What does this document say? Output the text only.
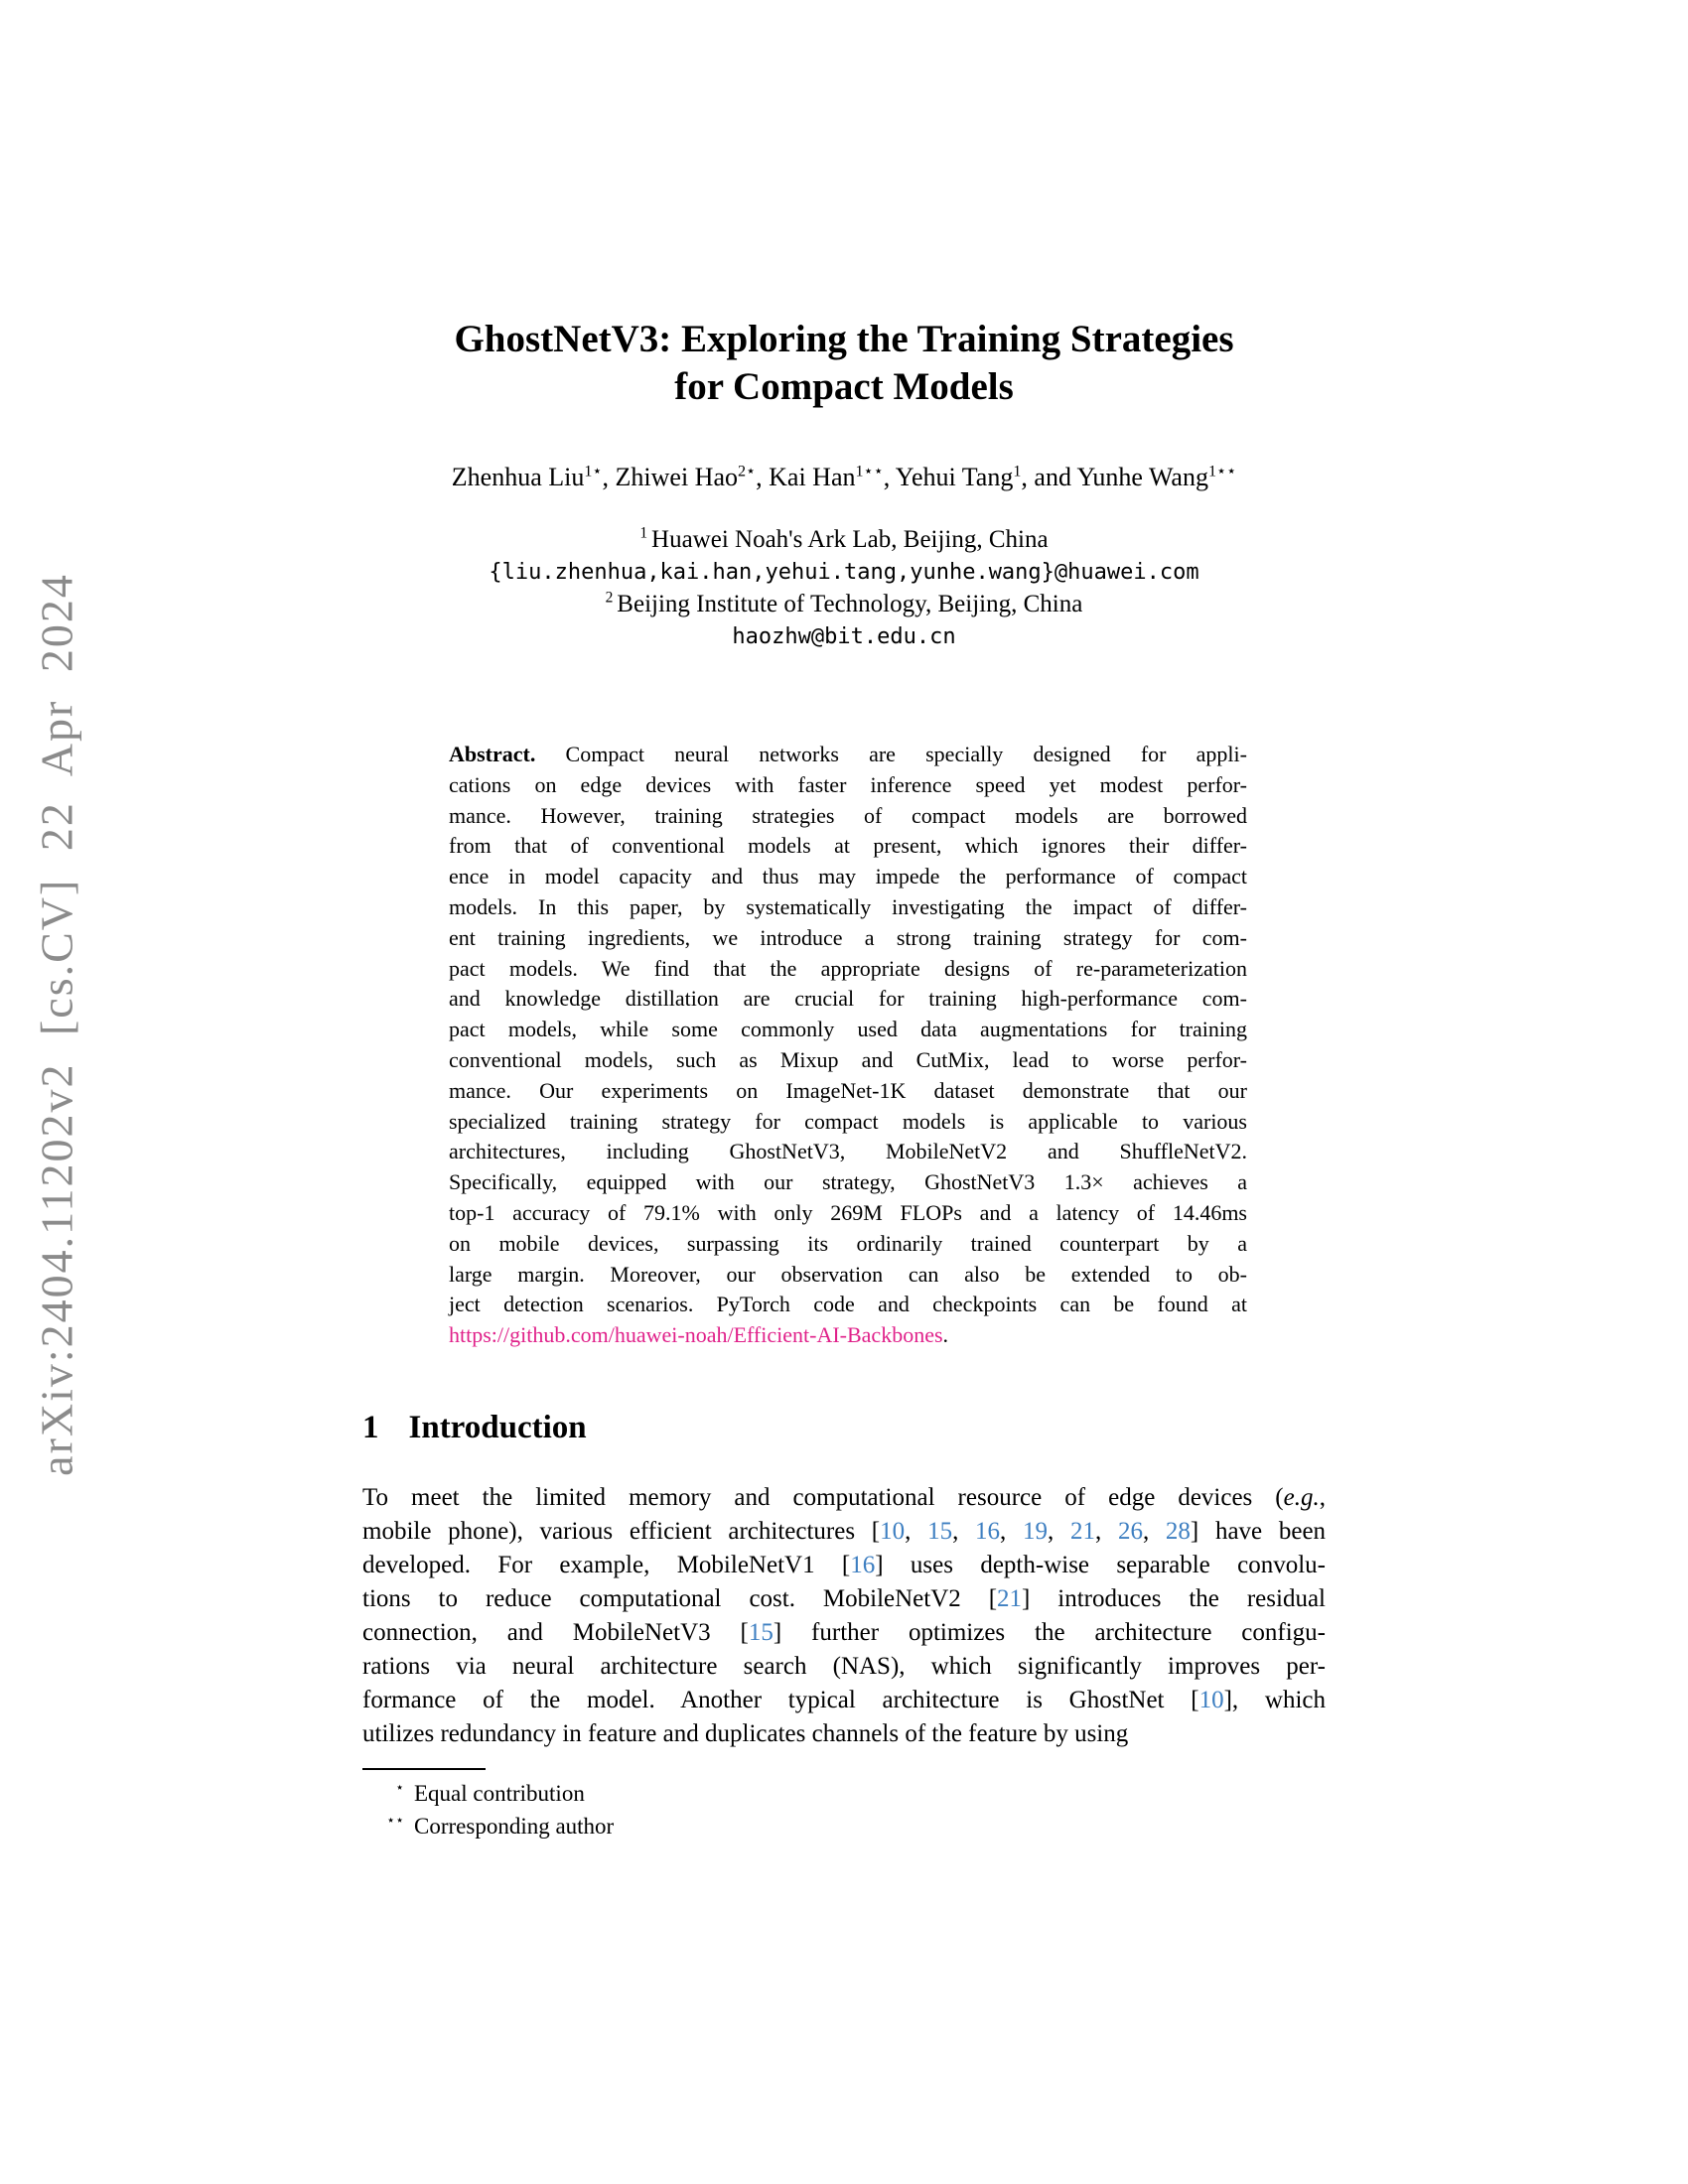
arXiv:2404.11202v2 [cs.CV] 22 Apr 2024
GhostNetV3: Exploring the Training Strategies
for Compact Models
Zhenhua Liu$^{1⋆}$, Zhiwei Hao$^{2⋆}$, Kai Han$^{1⋆⋆}$, Yehui Tang$^1$, and Yunhe Wang$^{1⋆⋆}$
$^1$ Huawei Noah's Ark Lab, Beijing, China
{liu.zhenhua,kai.han,yehui.tang,yunhe.wang}@huawei.com
$^2$ Beijing Institute of Technology, Beijing, China
haozhw@bit.edu.cn
Abstract. Compact neural networks are specially designed for appli-
cations on edge devices with faster inference speed yet modest perfor-
mance. However, training strategies of compact models are borrowed
from that of conventional models at present, which ignores their differ-
ence in model capacity and thus may impede the performance of compact
models. In this paper, by systematically investigating the impact of differ-
ent training ingredients, we introduce a strong training strategy for com-
pact models. We find that the appropriate designs of re-parameterization
and knowledge distillation are crucial for training high-performance com-
pact models, while some commonly used data augmentations for training
conventional models, such as Mixup and CutMix, lead to worse perfor-
mance. Our experiments on ImageNet-1K dataset demonstrate that our
specialized training strategy for compact models is applicable to various
architectures, including GhostNetV3, MobileNetV2 and ShuffleNetV2.
Specifically, equipped with our strategy, GhostNetV3 1.3× achieves a
top-1 accuracy of 79.1% with only 269M FLOPs and a latency of 14.46ms
on mobile devices, surpassing its ordinarily trained counterpart by a
large margin. Moreover, our observation can also be extended to ob-
ject detection scenarios. PyTorch code and checkpoints can be found at
https://github.com/huawei-noah/Efficient-AI-Backbones.
1 Introduction
To meet the limited memory and computational resource of edge devices (e.g.,
mobile phone), various efficient architectures [10, 15, 16, 19, 21, 26, 28] have been
developed. For example, MobileNetV1 [16] uses depth-wise separable convolu-
tions to reduce computational cost. MobileNetV2 [21] introduces the residual
connection, and MobileNetV3 [15] further optimizes the architecture configu-
rations via neural architecture search (NAS), which significantly improves per-
formance of the model. Another typical architecture is GhostNet [10], which
utilizes redundancy in feature and duplicates channels of the feature by using
⋆ Equal contribution
⋆⋆ Corresponding author
